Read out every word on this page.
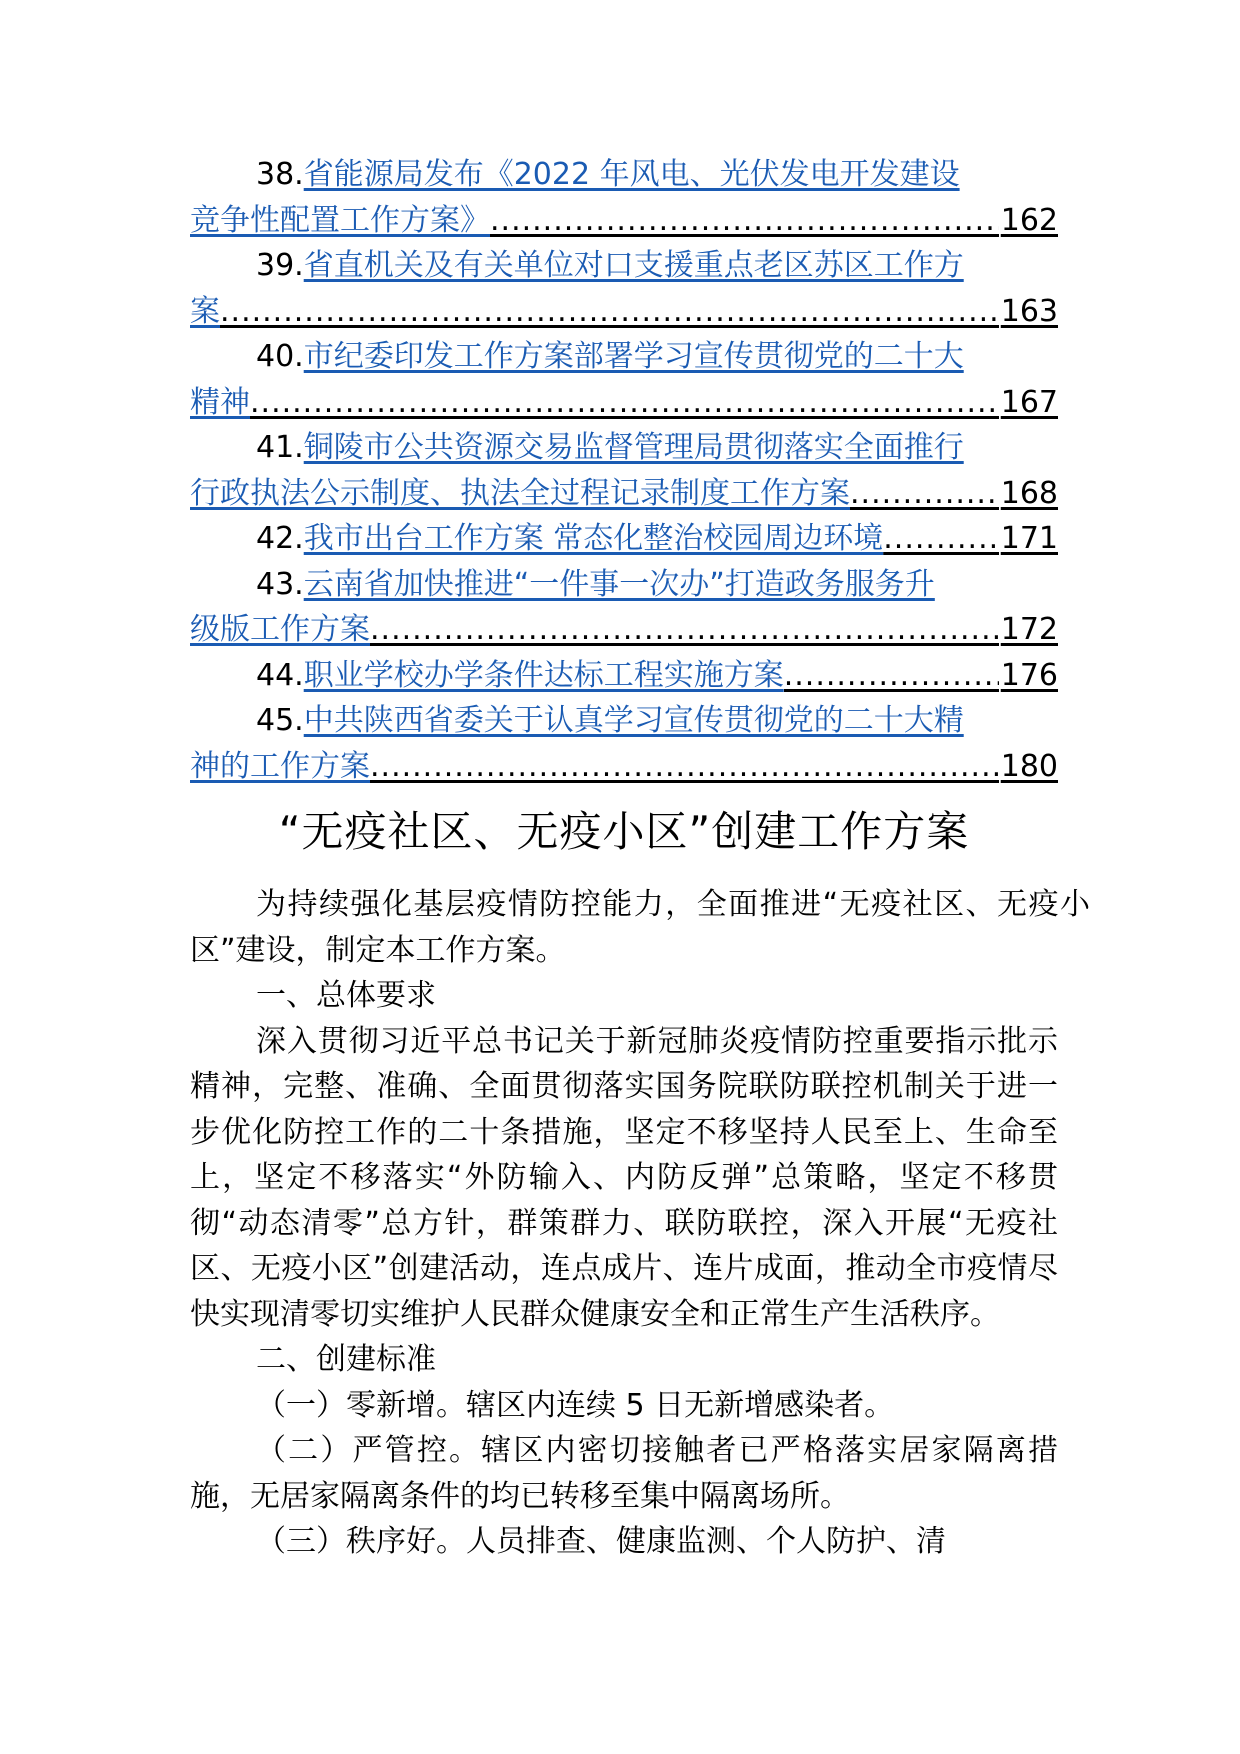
38. 省能源局发布《2022 年风电、光伏发电开发建设
竞争性配置工作方案》 .....	162
39. 省直机关及有关单位对口支援重点老区苏区工作方
案 .....	163
40. 市纪委印发工作方案部署学习宣传贯彻党的二十大
精神 .....	167
41. 铜陵市公共资源交易监督管理局贯彻落实全面推行
行政执法公示制度、执法全过程记录制度工作方案 .....	168
42. 我市出台工作方案 常态化整治校园周边环境 .....	171
43. 云南省加快推进“一件事一次办”打造政务服务升
级版工作方案 .....	172
44. 职业学校办学条件达标工程实施方案 .....	176
45. 中共陕西省委关于认真学习宣传贯彻党的二十大精
神的工作方案 .....	180
“无疫社区、无疫小区”创建工作方案

为持续强化基层疫情防控能力，全面推进“无疫社区、无疫小区”建设，制定本工作方案。

一、总体要求

深入贯彻习近平总书记关于新冠肺炎疫情防控重要指示批示精神，完整、准确、全面贯彻落实国务院联防联控机制关于进一步优化防控工作的二十条措施，坚定不移坚持人民至上、生命至上，坚定不移落实“外防输入、内防反弹”总策略，坚定不移贯彻“动态清零”总方针，群策群力、联防联控，深入开展“无疫社区、无疫小区”创建活动，连点成片、连片成面，推动全市疫情尽快实现清零切实维护人民群众健康安全和正常生产生活秩序。

二、创建标准

（一）零新增。辖区内连续 5 日无新增感染者。

（二）严管控。辖区内密切接触者已严格落实居家隔离措施，无居家隔离条件的均已转移至集中隔离场所。

（三）秩序好。人员排查、健康监测、个人防护、清
